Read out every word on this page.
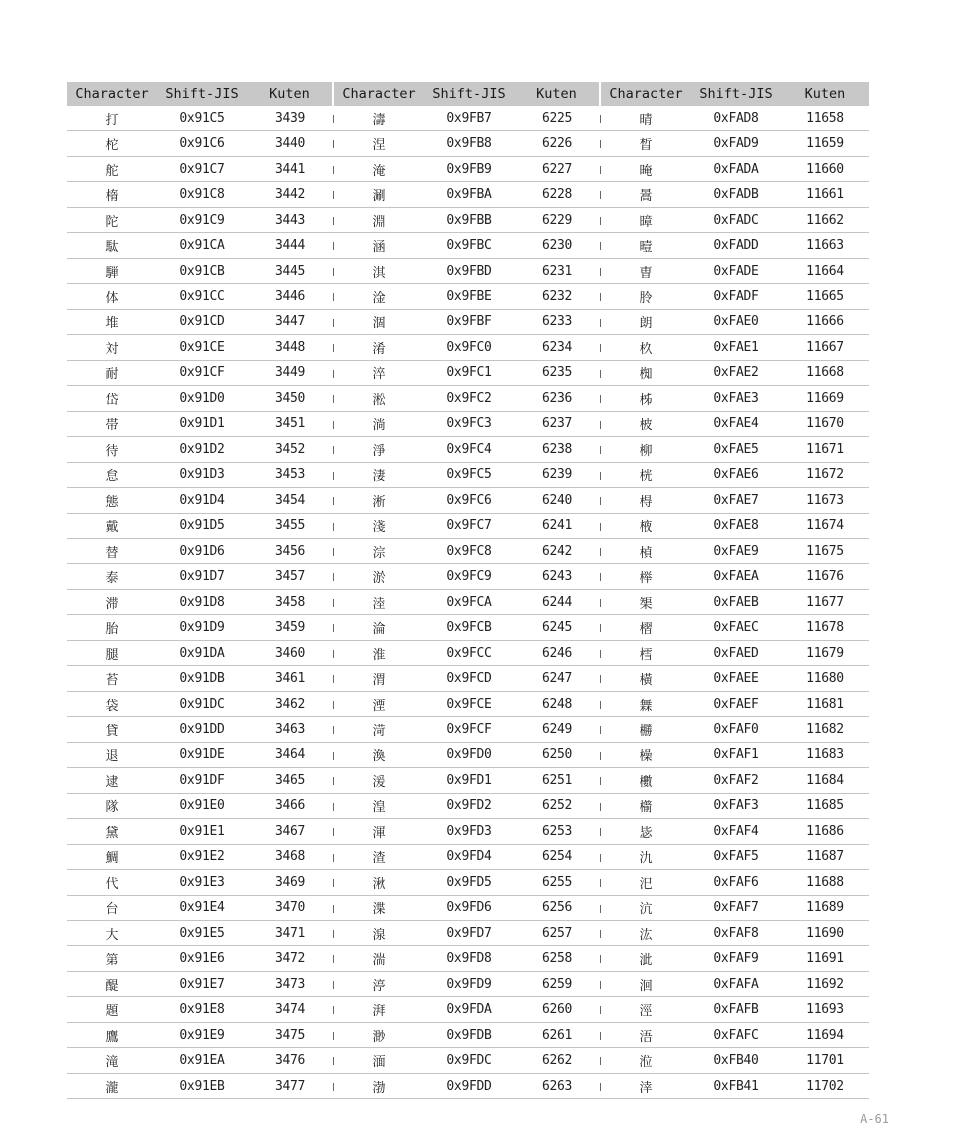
Character	Shift-JIS	Kuten		Character	Shift-JIS	Kuten		Character	Shift-JIS	Kuten
打	0x91C5	3439		濤	0x9FB7	6225		晴	0xFAD8	11658
柁	0x91C6	3440		涅	0x9FB8	6226		晳	0xFAD9	11659
舵	0x91C7	3441		淹	0x9FB9	6227		晻	0xFADA	11660
楕	0x91C8	3442		涮	0x9FBA	6228		暠	0xFADB	11661
陀	0x91C9	3443		淵	0x9FBB	6229		暲	0xFADC	11662
駄	0x91CA	3444		涵	0x9FBC	6230		曀	0xFADD	11663
騨	0x91CB	3445		淇	0x9FBD	6231		曺	0xFADE	11664
体	0x91CC	3446		淦	0x9FBE	6232		朎	0xFADF	11665
堆	0x91CD	3447		涸	0x9FBF	6233		朗	0xFAE0	11666
対	0x91CE	3448		淆	0x9FC0	6234		杦	0xFAE1	11667
耐	0x91CF	3449		淬	0x9FC1	6235		椥	0xFAE2	11668
岱	0x91D0	3450		淞	0x9FC2	6236		柹	0xFAE3	11669
帯	0x91D1	3451		淌	0x9FC3	6237		柀	0xFAE4	11670
待	0x91D2	3452		淨	0x9FC4	6238		柳	0xFAE5	11671
怠	0x91D3	3453		淒	0x9FC5	6239		桄	0xFAE6	11672
態	0x91D4	3454		淅	0x9FC6	6240		棏	0xFAE7	11673
戴	0x91D5	3455		淺	0x9FC7	6241		棭	0xFAE8	11674
替	0x91D6	3456		淙	0x9FC8	6242		楨	0xFAE9	11675
泰	0x91D7	3457		淤	0x9FC9	6243		榉	0xFAEA	11676
滞	0x91D8	3458		淕	0x9FCA	6244		榘	0xFAEB	11677
胎	0x91D9	3459		淪	0x9FCB	6245		槢	0xFAEC	11678
腿	0x91DA	3460		淮	0x9FCC	6246		樰	0xFAED	11679
苔	0x91DB	3461		渭	0x9FCD	6247		橫	0xFAEE	11680
袋	0x91DC	3462		湮	0x9FCE	6248		橆	0xFAEF	11681
貸	0x91DD	3463		渮	0x9FCF	6249		橳	0xFAF0	11682
退	0x91DE	3464		渙	0x9FD0	6250		橾	0xFAF1	11683
逮	0x91DF	3465		湲	0x9FD1	6251		櫢	0xFAF2	11684
隊	0x91E0	3466		湟	0x9FD2	6252		櫤	0xFAF3	11685
黛	0x91E1	3467		渾	0x9FD3	6253		毖	0xFAF4	11686
鯛	0x91E2	3468		渣	0x9FD4	6254		氿	0xFAF5	11687
代	0x91E3	3469		湫	0x9FD5	6255		汜	0xFAF6	11688
台	0x91E4	3470		渫	0x9FD6	6256		沆	0xFAF7	11689
大	0x91E5	3471		湶	0x9FD7	6257		汯	0xFAF8	11690
第	0x91E6	3472		湍	0x9FD8	6258		泚	0xFAF9	11691
醍	0x91E7	3473		渟	0x9FD9	6259		洄	0xFAFA	11692
題	0x91E8	3474		湃	0x9FDA	6260		涇	0xFAFB	11693
鷹	0x91E9	3475		渺	0x9FDB	6261		浯	0xFAFC	11694
滝	0x91EA	3476		湎	0x9FDC	6262		涖	0xFB40	11701
瀧	0x91EB	3477		渤	0x9FDD	6263		涬	0xFB41	11702
A-61
